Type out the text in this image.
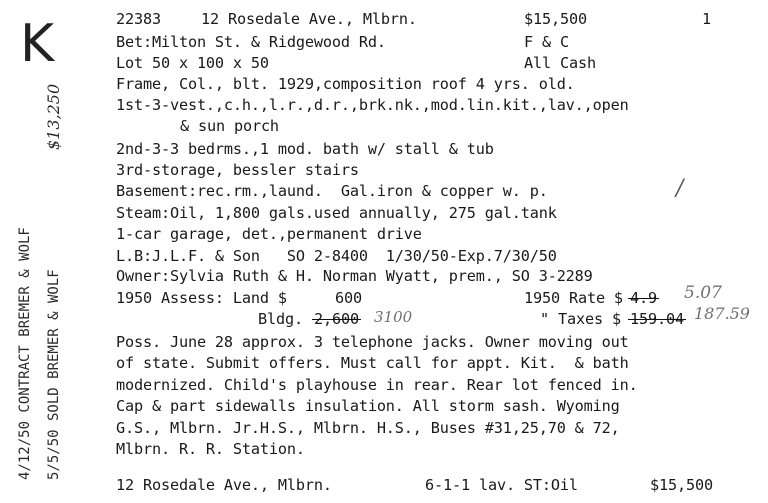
K
4/12/50 CONTRACT BREMER & WOLF 5/5/50 SOLD BREMER & WOLF
$13,250
22383	12 Rosedale Ave., Mlbrn.	$15,500	1
Bet:Milton St. & Ridgewood Rd.	F & C
Lot 50 x 100 x 50	All Cash
Frame, Col., blt. 1929,composition roof 4 yrs. old.
1st-3-vest.,c.h.,l.r.,d.r.,brk.nk.,mod.lin.kit.,lav.,open
& sun porch
2nd-3-3 bedrms.,1 mod. bath w/ stall & tub
3rd-storage, bessler stairs
Basement:rec.rm.,laund.  Gal.iron & copper w. p.	/
Steam:Oil, 1,800 gals.used annually, 275 gal.tank
1-car garage, det.,permanent drive
L.B:J.L.F. & Son   SO 2-8400  1/30/50-Exp.7/30/50
Owner:Sylvia Ruth & H. Norman Wyatt, prem., SO 3-2289
1950 Assess: Land $	600	1950 Rate $ 4.9 5.07
Bldg. 2,600 3100	" Taxes $ 159.04 187.59
Poss. June 28 approx. 3 telephone jacks. Owner moving out
of state. Submit offers. Must call for appt. Kit.  & bath
modernized. Child's playhouse in rear. Rear lot fenced in.
Cap & part sidewalls insulation. All storm sash. Wyoming
G.S., Mlbrn. Jr.H.S., Mlbrn. H.S., Buses #31,25,70 & 72,
Mlbrn. R. R. Station.
12 Rosedale Ave., Mlbrn.	6-1-1 lav. ST:Oil	$15,500
